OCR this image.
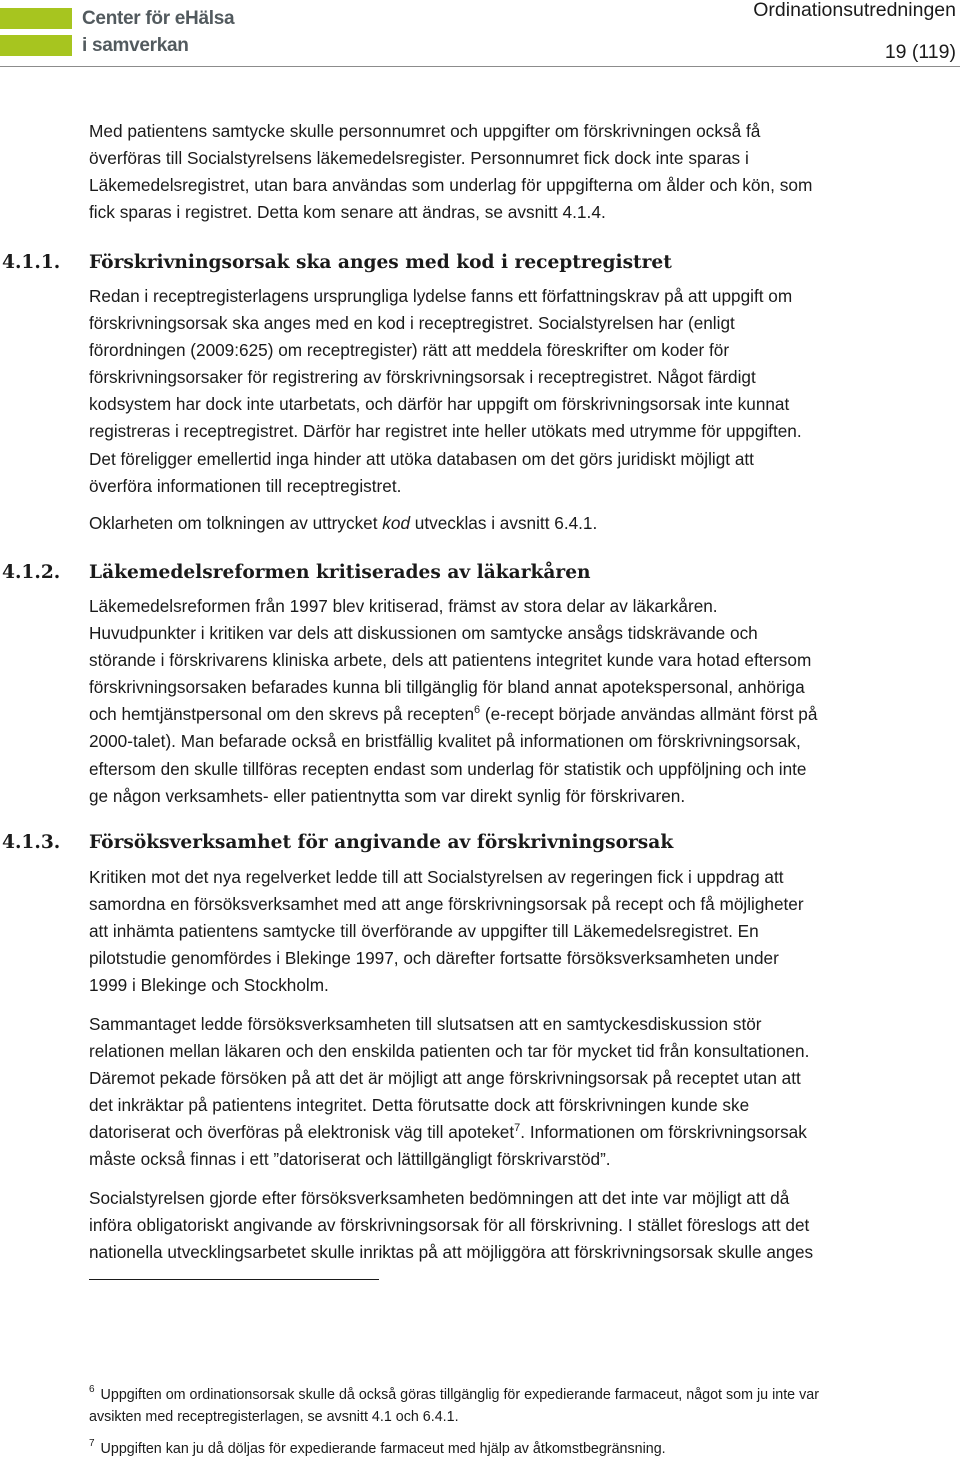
Center för eHälsa
i samverkan
Ordinationsutredningen
19 (119)
Med patientens samtycke skulle personnumret och uppgifter om förskrivningen också få
överföras till Socialstyrelsens läkemedelsregister. Personnumret fick dock inte sparas i
Läkemedelsregistret, utan bara användas som underlag för uppgifterna om ålder och kön, som
fick sparas i registret. Detta kom senare att ändras, se avsnitt 4.1.4.
4.1.1. Förskrivningsorsak ska anges med kod i receptregistret
Redan i receptregisterlagens ursprungliga lydelse fanns ett författningskrav på att uppgift om
förskrivningsorsak ska anges med en kod i receptregistret. Socialstyrelsen har (enligt
förordningen (2009:625) om receptregister) rätt att meddela föreskrifter om koder för
förskrivningsorsaker för registrering av förskrivningsorsak i receptregistret. Något färdigt
kodsystem har dock inte utarbetats, och därför har uppgift om förskrivningsorsak inte kunnat
registreras i receptregistret. Därför har registret inte heller utökats med utrymme för uppgiften.
Det föreligger emellertid inga hinder att utöka databasen om det görs juridiskt möjligt att
överföra informationen till receptregistret.
Oklarheten om tolkningen av uttrycket kod utvecklas i avsnitt 6.4.1.
4.1.2. Läkemedelsreformen kritiserades av läkarkåren
Läkemedelsreformen från 1997 blev kritiserad, främst av stora delar av läkarkåren.
Huvudpunkter i kritiken var dels att diskussionen om samtycke ansågs tidskrävande och
störande i förskrivarens kliniska arbete, dels att patientens integritet kunde vara hotad eftersom
förskrivningsorsaken befarades kunna bli tillgänglig för bland annat apotekspersonal, anhöriga
och hemtjänstpersonal om den skrevs på recepten$^6$ (e-recept började användas allmänt först på
2000-talet). Man befarade också en bristfällig kvalitet på informationen om förskrivningsorsak,
eftersom den skulle tillföras recepten endast som underlag för statistik och uppföljning och inte
ge någon verksamhets- eller patientnytta som var direkt synlig för förskrivaren.
4.1.3. Försöksverksamhet för angivande av förskrivningsorsak
Kritiken mot det nya regelverket ledde till att Socialstyrelsen av regeringen fick i uppdrag att
samordna en försöksverksamhet med att ange förskrivningsorsak på recept och få möjligheter
att inhämta patientens samtycke till överförande av uppgifter till Läkemedelsregistret. En
pilotstudie genomfördes i Blekinge 1997, och därefter fortsatte försöksverksamheten under
1999 i Blekinge och Stockholm.
Sammantaget ledde försöksverksamheten till slutsatsen att en samtyckesdiskussion stör
relationen mellan läkaren och den enskilda patienten och tar för mycket tid från konsultationen.
Däremot pekade försöken på att det är möjligt att ange förskrivningsorsak på receptet utan att
det inkräktar på patientens integritet. Detta förutsatte dock att förskrivningen kunde ske
datoriserat och överföras på elektronisk väg till apoteket$^7$. Informationen om förskrivningsorsak
måste också finnas i ett ”datoriserat och lättillgängligt förskrivarstöd”.
Socialstyrelsen gjorde efter försöksverksamheten bedömningen att det inte var möjligt att då
införa obligatoriskt angivande av förskrivningsorsak för all förskrivning. I stället föreslogs att det
nationella utvecklingsarbetet skulle inriktas på att möjliggöra att förskrivningsorsak skulle anges
$^6$ Uppgiften om ordinationsorsak skulle då också göras tillgänglig för expedierande farmaceut, något som ju inte var
avsikten med receptregisterlagen, se avsnitt 4.1 och 6.4.1.
$^7$ Uppgiften kan ju då döljas för expedierande farmaceut med hjälp av åtkomstbegränsning.
